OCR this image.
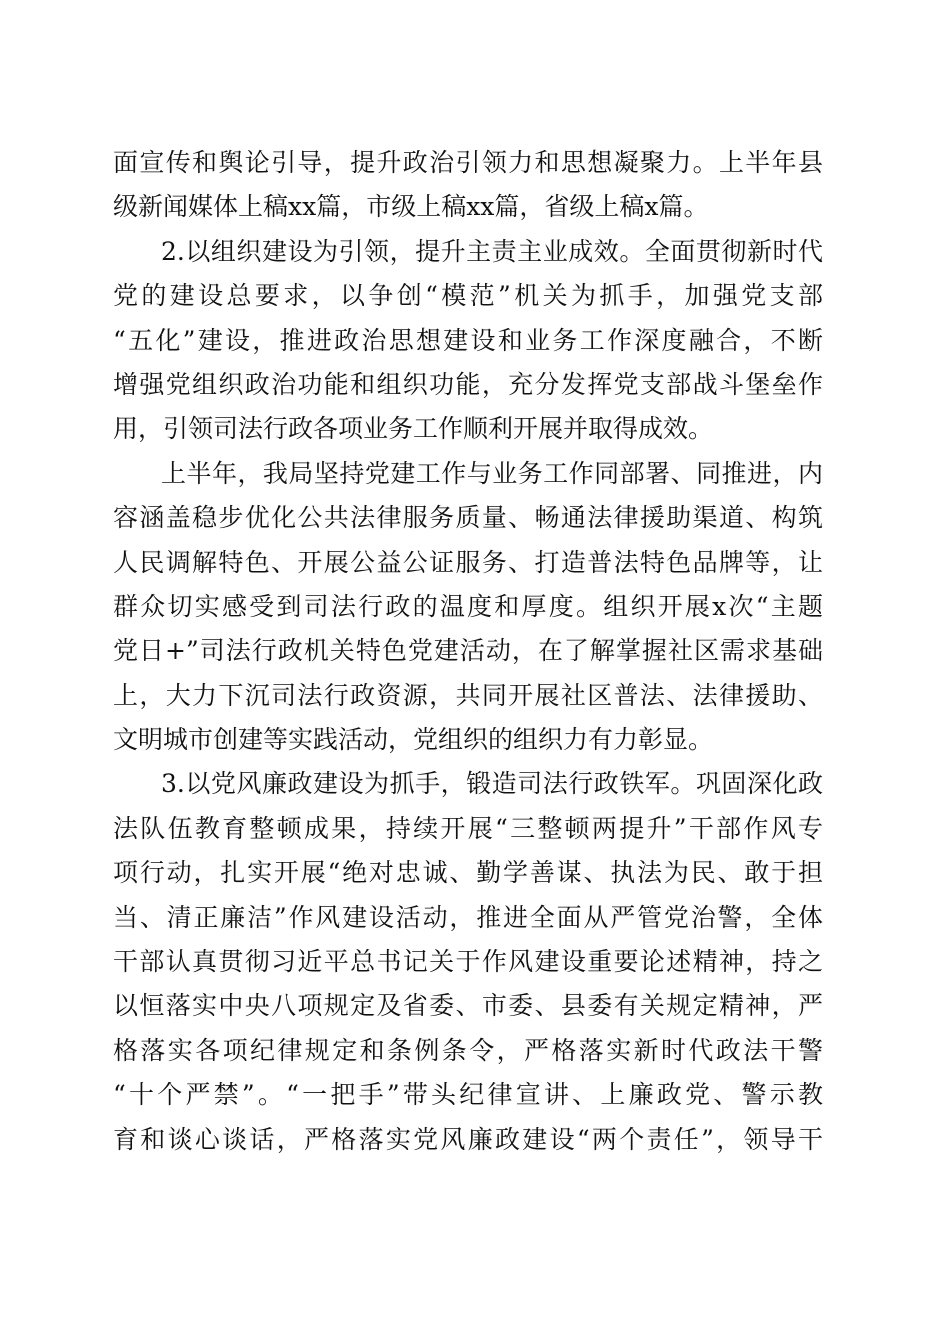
面宣传和舆论引导，提升政治引领力和思想凝聚力。上半年县
级新闻媒体上稿xx篇，市级上稿xx篇，省级上稿x篇。
2.以组织建设为引领，提升主责主业成效。全面贯彻新时代
党的建设总要求，以争创“模范”机关为抓手，加强党支部
“五化”建设，推进政治思想建设和业务工作深度融合，不断
增强党组织政治功能和组织功能，充分发挥党支部战斗堡垒作
用，引领司法行政各项业务工作顺利开展并取得成效。
上半年，我局坚持党建工作与业务工作同部署、同推进，内
容涵盖稳步优化公共法律服务质量、畅通法律援助渠道、构筑
人民调解特色、开展公益公证服务、打造普法特色品牌等，让
群众切实感受到司法行政的温度和厚度。组织开展x次“主题
党日+”司法行政机关特色党建活动，在了解掌握社区需求基础
上，大力下沉司法行政资源，共同开展社区普法、法律援助、
文明城市创建等实践活动，党组织的组织力有力彰显。
3.以党风廉政建设为抓手，锻造司法行政铁军。巩固深化政
法队伍教育整顿成果，持续开展“三整顿两提升”干部作风专
项行动，扎实开展“绝对忠诚、勤学善谋、执法为民、敢于担
当、清正廉洁”作风建设活动，推进全面从严管党治警，全体
干部认真贯彻习近平总书记关于作风建设重要论述精神，持之
以恒落实中央八项规定及省委、市委、县委有关规定精神，严
格落实各项纪律规定和条例条令，严格落实新时代政法干警
“十个严禁”。“一把手”带头纪律宣讲、上廉政党、警示教
育和谈心谈话，严格落实党风廉政建设“两个责任”，领导干
